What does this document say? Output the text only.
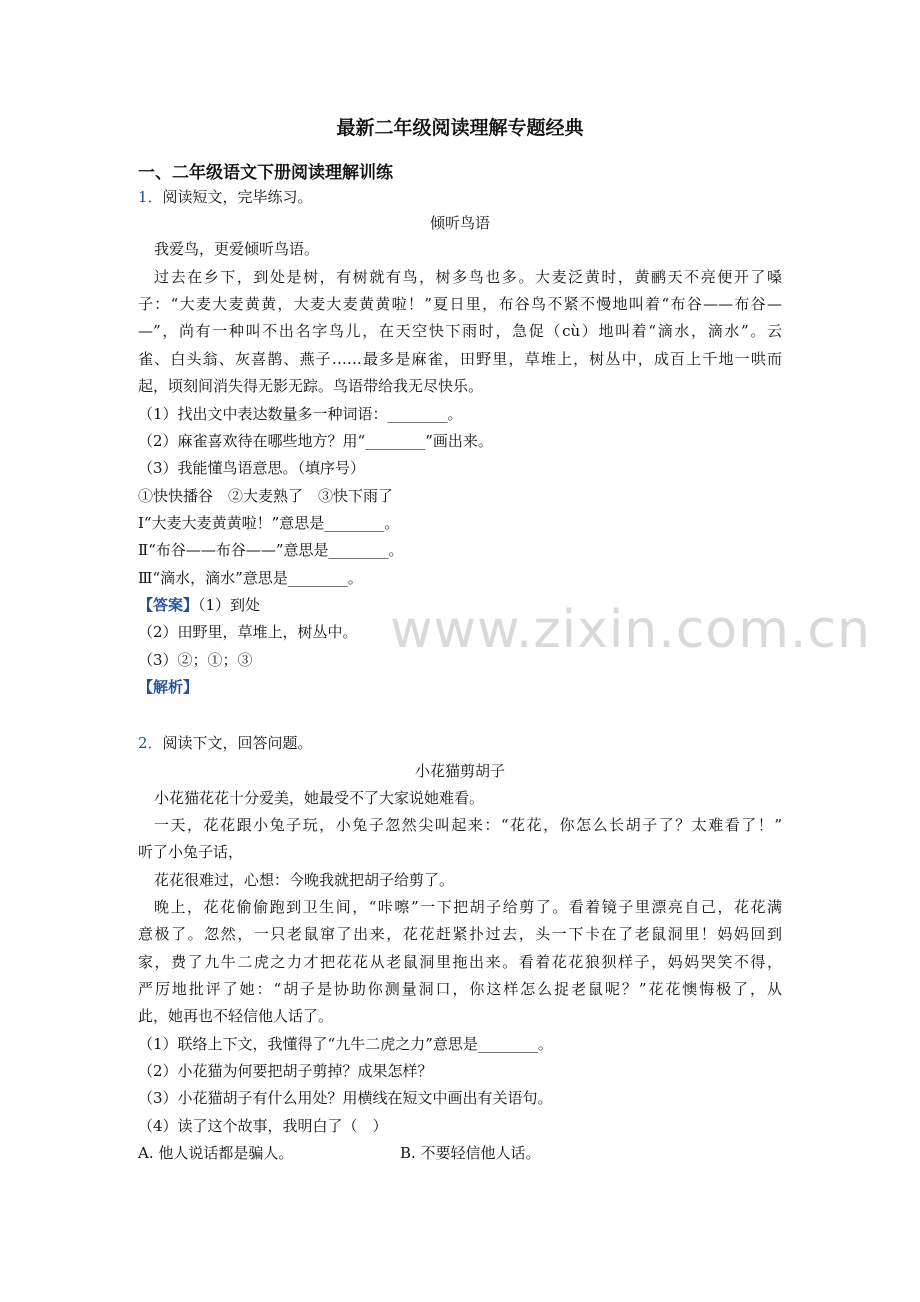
www.zixin.com.cn
最新二年级阅读理解专题经典
一、二年级语文下册阅读理解训练
1．阅读短文，完毕练习。
倾听鸟语
我爱鸟，更爱倾听鸟语。
过去在乡下，到处是树，有树就有鸟，树多鸟也多。大麦泛黄时，黄鹂天不亮便开了嗓
子：“大麦大麦黄黄，大麦大麦黄黄啦！”夏日里，布谷鸟不紧不慢地叫着“布谷——布谷—
—”，尚有一种叫不出名字鸟儿，在天空快下雨时，急促（cù）地叫着“滴水，滴水”。云
雀、白头翁、灰喜鹊、燕子……最多是麻雀，田野里，草堆上，树丛中，成百上千地一哄而
起，顷刻间消失得无影无踪。鸟语带给我无尽快乐。
（1）找出文中表达数量多一种词语：________。
（2）麻雀喜欢待在哪些地方？用“________”画出来。
（3）我能懂鸟语意思。（填序号）
①快快播谷　②大麦熟了　③快下雨了
Ⅰ“大麦大麦黄黄啦！”意思是________。
Ⅱ“布谷——布谷——”意思是________。
Ⅲ“滴水，滴水”意思是________。
【答案】（1）到处
（2）田野里，草堆上，树丛中。
（3）②；①；③
【解析】
2．阅读下文，回答问题。
小花猫剪胡子
小花猫花花十分爱美，她最受不了大家说她难看。
一天，花花跟小兔子玩，小兔子忽然尖叫起来：“花花，你怎么长胡子了？太难看了！”
听了小兔子话，
花花很难过，心想：今晚我就把胡子给剪了。
晚上，花花偷偷跑到卫生间，“咔嚓”一下把胡子给剪了。看着镜子里漂亮自己，花花满
意极了。忽然，一只老鼠窜了出来，花花赶紧扑过去，头一下卡在了老鼠洞里！妈妈回到
家，费了九牛二虎之力才把花花从老鼠洞里拖出来。看着花花狼狈样子，妈妈哭笑不得，
严厉地批评了她：“胡子是协助你测量洞口，你这样怎么捉老鼠呢？”花花懊悔极了，从
此，她再也不轻信他人话了。
（1）联络上下文，我懂得了“九牛二虎之力”意思是________。
（2）小花猫为何要把胡子剪掉？成果怎样？
（3）小花猫胡子有什么用处？用横线在短文中画出有关语句。
（4）读了这个故事，我明白了（　）
A. 他人说话都是骗人。	B. 不要轻信他人话。
